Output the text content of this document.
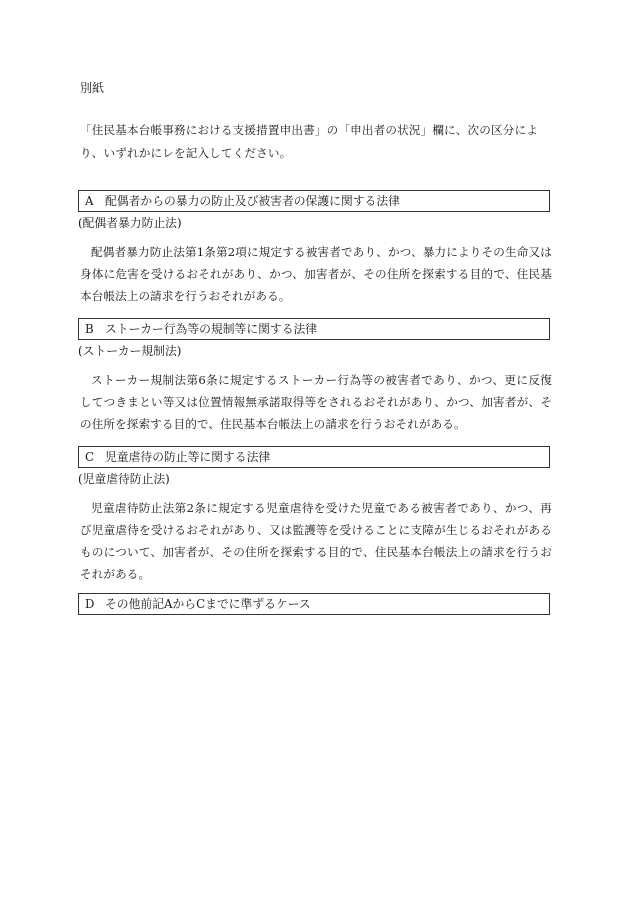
別紙

「住民基本台帳事務における支援措置申出書」の「申出者の状況」欄に、次の区分により、いずれかにレを記入してください。

A 配偶者からの暴力の防止及び被害者の保護に関する法律
(配偶者暴力防止法)

配偶者暴力防止法第1条第2項に規定する被害者であり、かつ、暴力によりその生命又は身体に危害を受けるおそれがあり、かつ、加害者が、その住所を探索する目的で、住民基本台帳法上の請求を行うおそれがある。

B ストーカー行為等の規制等に関する法律
(ストーカー規制法)

ストーカー規制法第6条に規定するストーカー行為等の被害者であり、かつ、更に反復してつきまとい等又は位置情報無承諾取得等をされるおそれがあり、かつ、加害者が、その住所を探索する目的で、住民基本台帳法上の請求を行うおそれがある。

C 児童虐待の防止等に関する法律
(児童虐待防止法)

児童虐待防止法第2条に規定する児童虐待を受けた児童である被害者であり、かつ、再び児童虐待を受けるおそれがあり、又は監護等を受けることに支障が生じるおそれがあるものについて、加害者が、その住所を探索する目的で、住民基本台帳法上の請求を行うおそれがある。

D その他前記AからCまでに準ずるケース
